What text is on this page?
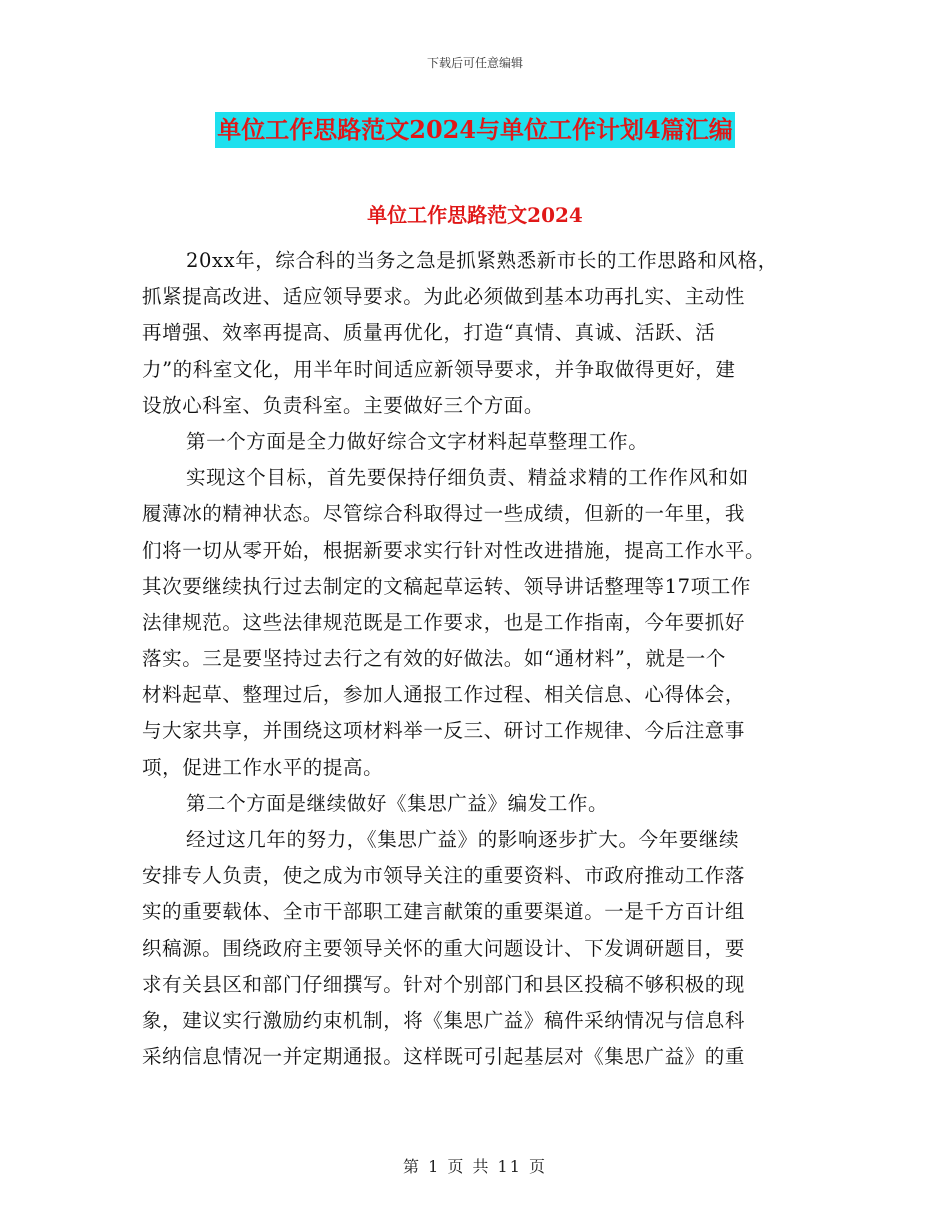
下载后可任意编辑
单位工作思路范文2024与单位工作计划4篇汇编
单位工作思路范文2024
20xx年，综合科的当务之急是抓紧熟悉新市长的工作思路和风格，
抓紧提高改进、适应领导要求。为此必须做到基本功再扎实、主动性
再增强、效率再提高、质量再优化，打造“真情、真诚、活跃、活
力”的科室文化，用半年时间适应新领导要求，并争取做得更好，建
设放心科室、负责科室。主要做好三个方面。
第一个方面是全力做好综合文字材料起草整理工作。
实现这个目标，首先要保持仔细负责、精益求精的工作作风和如
履薄冰的精神状态。尽管综合科取得过一些成绩，但新的一年里，我
们将一切从零开始，根据新要求实行针对性改进措施，提高工作水平。
其次要继续执行过去制定的文稿起草运转、领导讲话整理等17项工作
法律规范。这些法律规范既是工作要求，也是工作指南，今年要抓好
落实。三是要坚持过去行之有效的好做法。如“通材料”，就是一个
材料起草、整理过后，参加人通报工作过程、相关信息、心得体会，
与大家共享，并围绕这项材料举一反三、研讨工作规律、今后注意事
项，促进工作水平的提高。
第二个方面是继续做好《集思广益》编发工作。
经过这几年的努力，《集思广益》的影响逐步扩大。今年要继续
安排专人负责，使之成为市领导关注的重要资料、市政府推动工作落
实的重要载体、全市干部职工建言献策的重要渠道。一是千方百计组
织稿源。围绕政府主要领导关怀的重大问题设计、下发调研题目，要
求有关县区和部门仔细撰写。针对个别部门和县区投稿不够积极的现
象，建议实行激励约束机制，将《集思广益》稿件采纳情况与信息科
采纳信息情况一并定期通报。这样既可引起基层对《集思广益》的重
第 1 页 共 11 页
